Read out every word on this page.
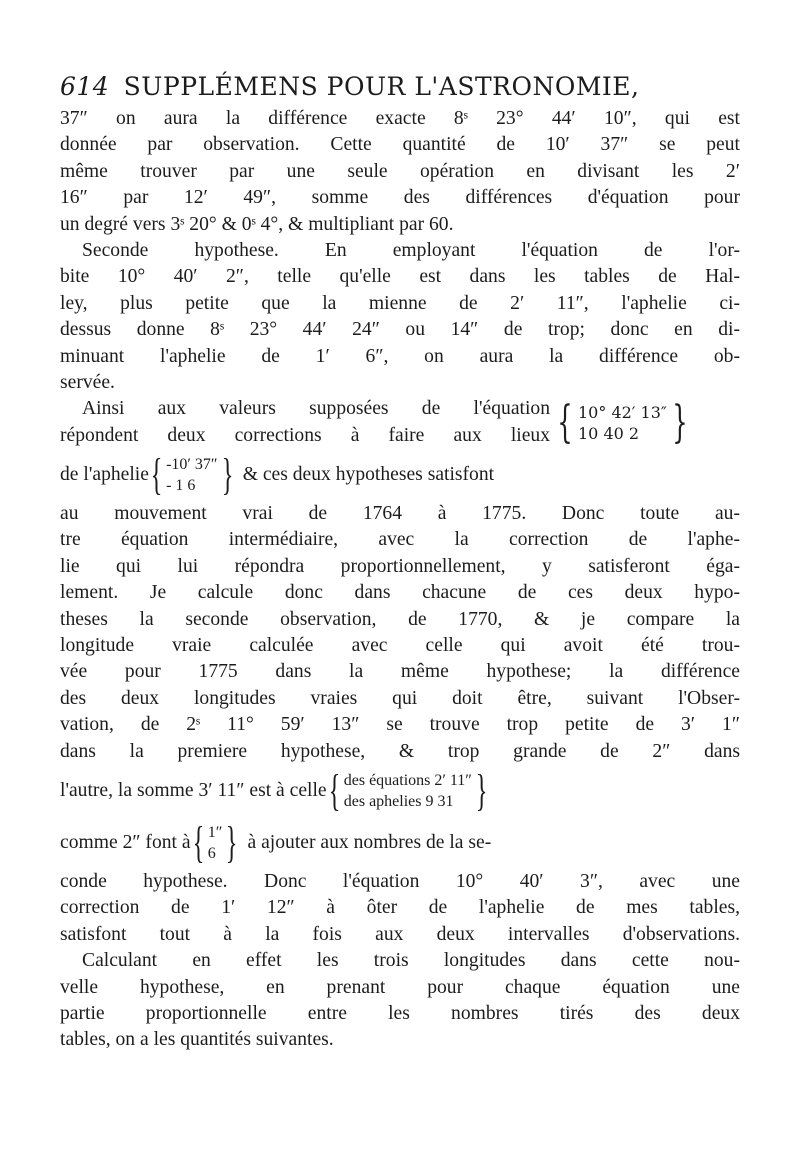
614 SUPPLÉMENS POUR L'ASTRONOMIE,
37″ on aura la différence exacte 8ˢ 23° 44′ 10″, qui est
donnée par observation. Cette quantité de 10′ 37″ se peut
même trouver par une seule opération en divisant les 2′
16″ par 12′ 49″, somme des différences d'équation pour
un degré vers 3ˢ 20° & 0ˢ 4°, & multipliant par 60.
Seconde hypothese. En employant l'équation de l'or-
bite 10° 40′ 2″, telle qu'elle est dans les tables de Hal-
ley, plus petite que la mienne de 2′ 11″, l'aphelie ci-
dessus donne 8ˢ 23° 44′ 24″ ou 14″ de trop; donc en di-
minuant l'aphelie de 1′ 6″, on aura la différence ob-
servée.
Ainsi aux valeurs supposées de l'équation
répondent deux corrections à faire aux lieux { 10° 42′ 13″
10 40 2 }
de l'aphelie { -10′ 37″
- 1 6 } & ces deux hypotheses satisfont
au mouvement vrai de 1764 à 1775. Donc toute au-
tre équation intermédiaire, avec la correction de l'aphe-
lie qui lui répondra proportionnellement, y satisferont éga-
lement. Je calcule donc dans chacune de ces deux hypo-
theses la seconde observation, de 1770, & je compare la
longitude vraie calculée avec celle qui avoit été trou-
vée pour 1775 dans la même hypothese; la différence
des deux longitudes vraies qui doit être, suivant l'Obser-
vation, de 2ˢ 11° 59′ 13″ se trouve trop petite de 3′ 1″
dans la premiere hypothese, & trop grande de 2″ dans
l'autre, la somme 3′ 11″ est à celle { des équations 2′ 11″
des aphelies 9 31 }
comme 2″ font à { 1″
6 } à ajouter aux nombres de la se-
conde hypothese. Donc l'équation 10° 40′ 3″, avec une
correction de 1′ 12″ à ôter de l'aphelie de mes tables,
satisfont tout à la fois aux deux intervalles d'observations.
Calculant en effet les trois longitudes dans cette nou-
velle hypothese, en prenant pour chaque équation une
partie proportionnelle entre les nombres tirés des deux
tables, on a les quantités suivantes.
